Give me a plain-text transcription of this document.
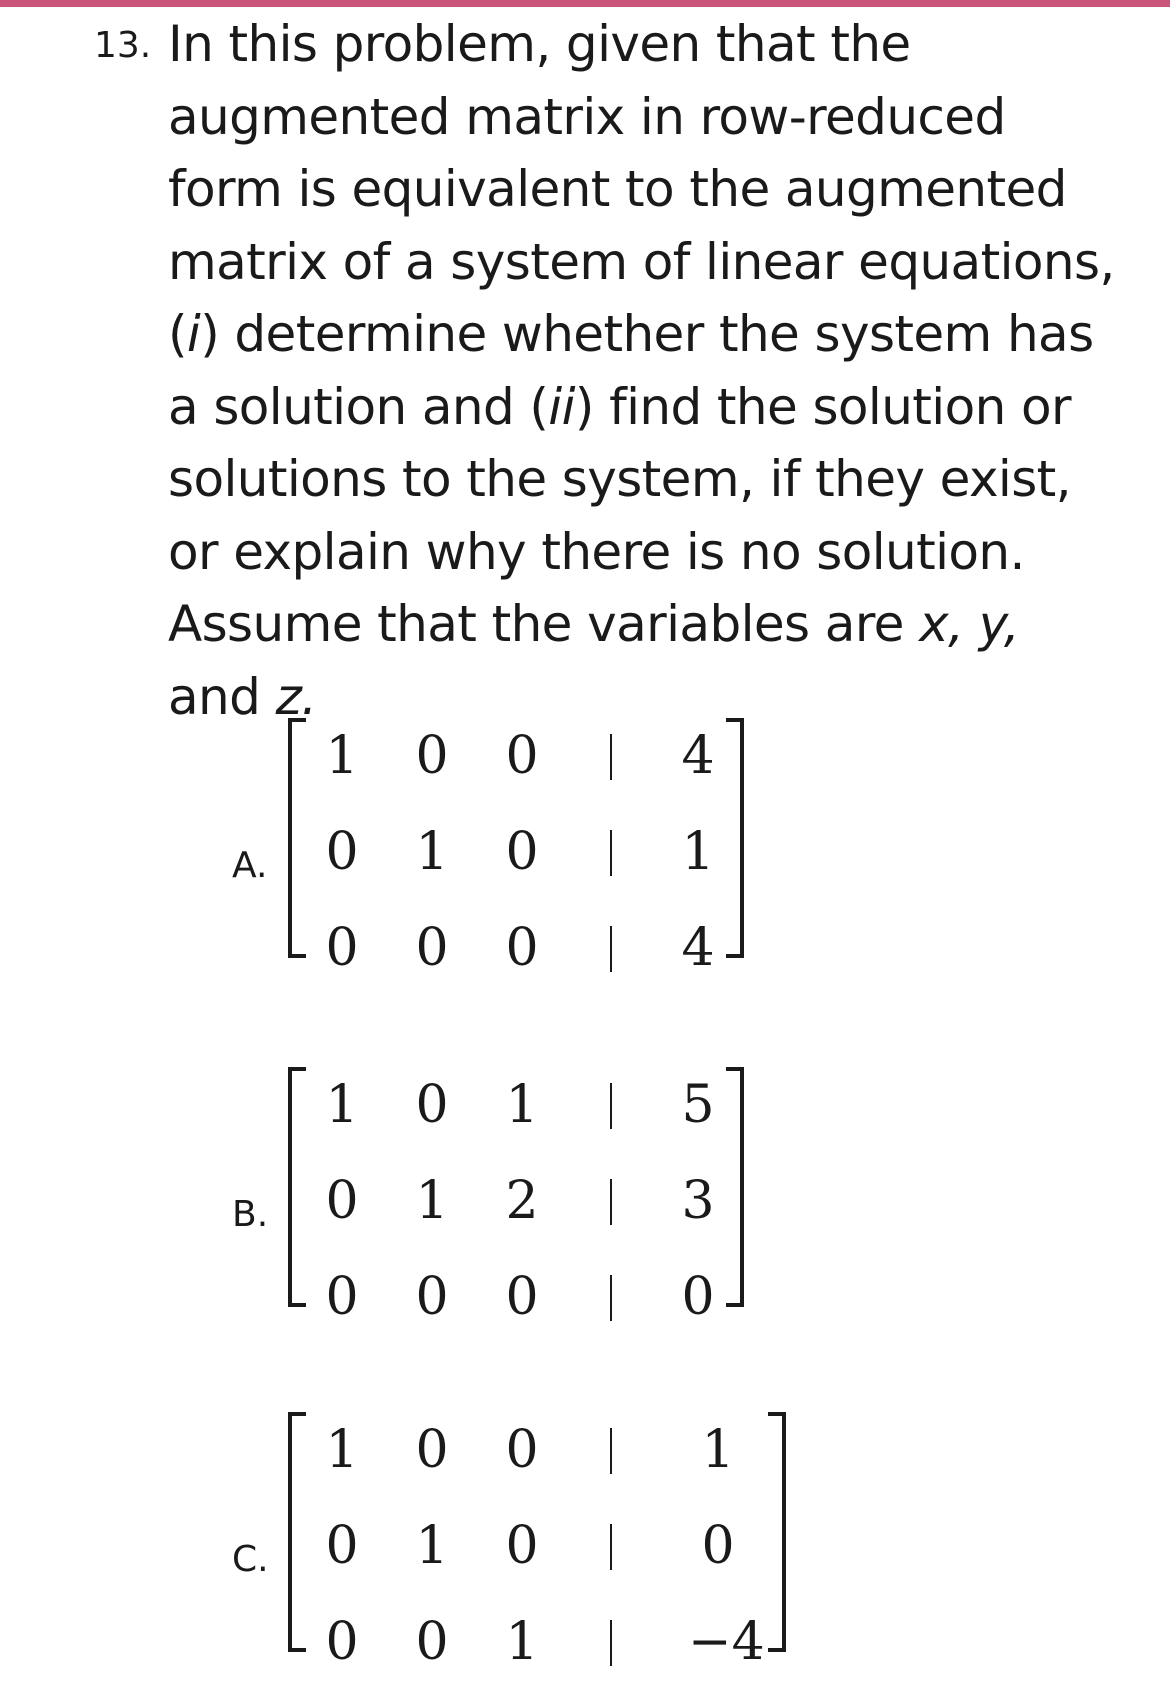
13. In this problem, given that the
augmented matrix in row-reduced
form is equivalent to the augmented
matrix of a system of linear equations,
(i) determine whether the system has
a solution and (ii) find the solution or
solutions to the system, if they exist,
or explain why there is no solution.
Assume that the variables are x, y,
and z.
A.
1 0 0	4
0 1 0	1
0 0 0	4
B.
1 0 1	5
0 1 2	3
0 0 0	0
C.
1 0 0	1
0 1 0	0
0 0 1	−4
